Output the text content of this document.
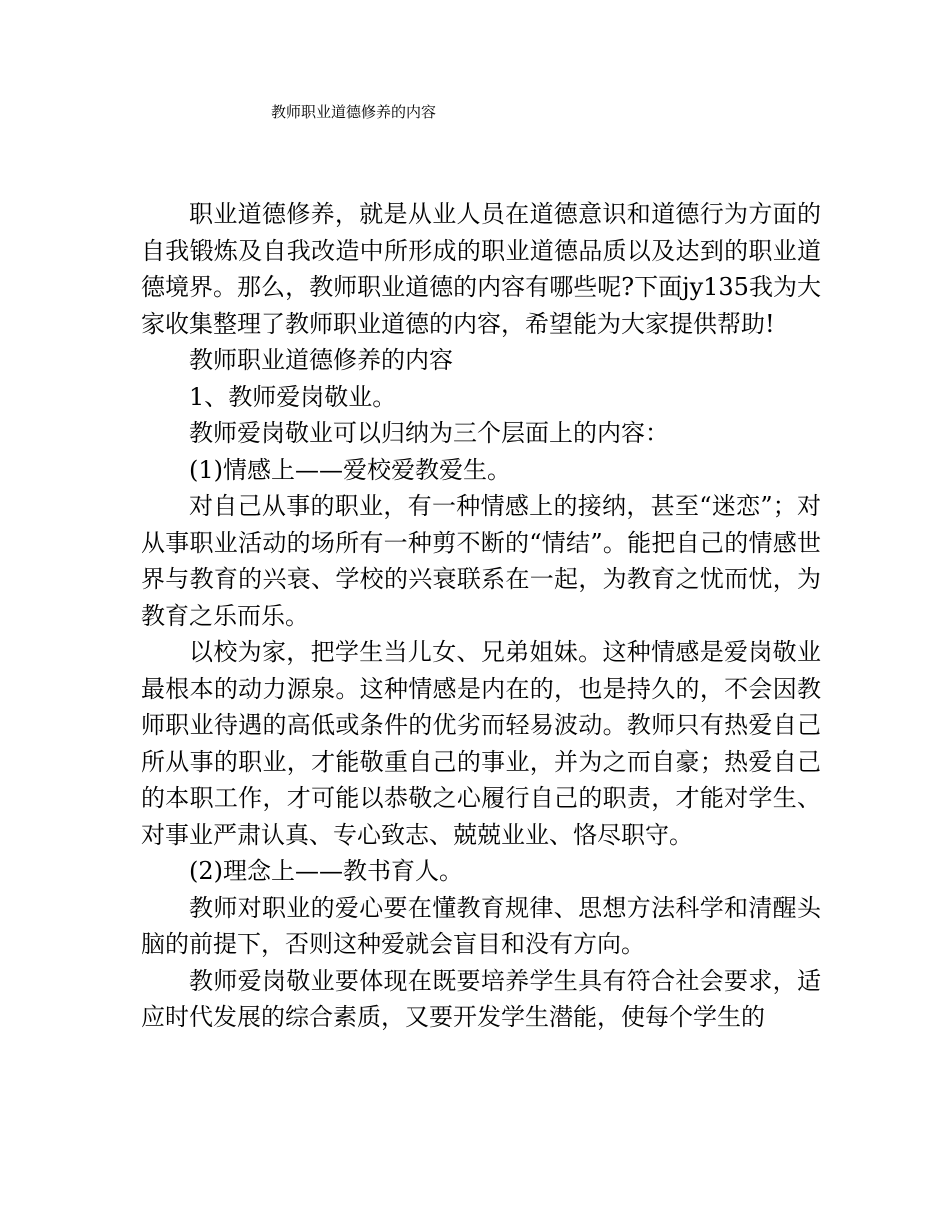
教师职业道德修养的内容

职业道德修养，就是从业人员在道德意识和道德行为方面的自我锻炼及自我改造中所形成的职业道德品质以及达到的职业道德境界。那么，教师职业道德的内容有哪些呢?下面jy135我为大家收集整理了教师职业道德的内容，希望能为大家提供帮助!

教师职业道德修养的内容

1、教师爱岗敬业。

教师爱岗敬业可以归纳为三个层面上的内容：

(1)情感上——爱校爱教爱生。

对自己从事的职业，有一种情感上的接纳，甚至“迷恋”；对从事职业活动的场所有一种剪不断的“情结”。能把自己的情感世界与教育的兴衰、学校的兴衰联系在一起，为教育之忧而忧，为教育之乐而乐。

以校为家，把学生当儿女、兄弟姐妹。这种情感是爱岗敬业最根本的动力源泉。这种情感是内在的，也是持久的，不会因教师职业待遇的高低或条件的优劣而轻易波动。教师只有热爱自己所从事的职业，才能敬重自己的事业，并为之而自豪；热爱自己的本职工作，才可能以恭敬之心履行自己的职责，才能对学生、对事业严肃认真、专心致志、兢兢业业、恪尽职守。

(2)理念上——教书育人。

教师对职业的爱心要在懂教育规律、思想方法科学和清醒头脑的前提下，否则这种爱就会盲目和没有方向。

教师爱岗敬业要体现在既要培养学生具有符合社会要求，适应时代发展的综合素质，又要开发学生潜能，使每个学生的
